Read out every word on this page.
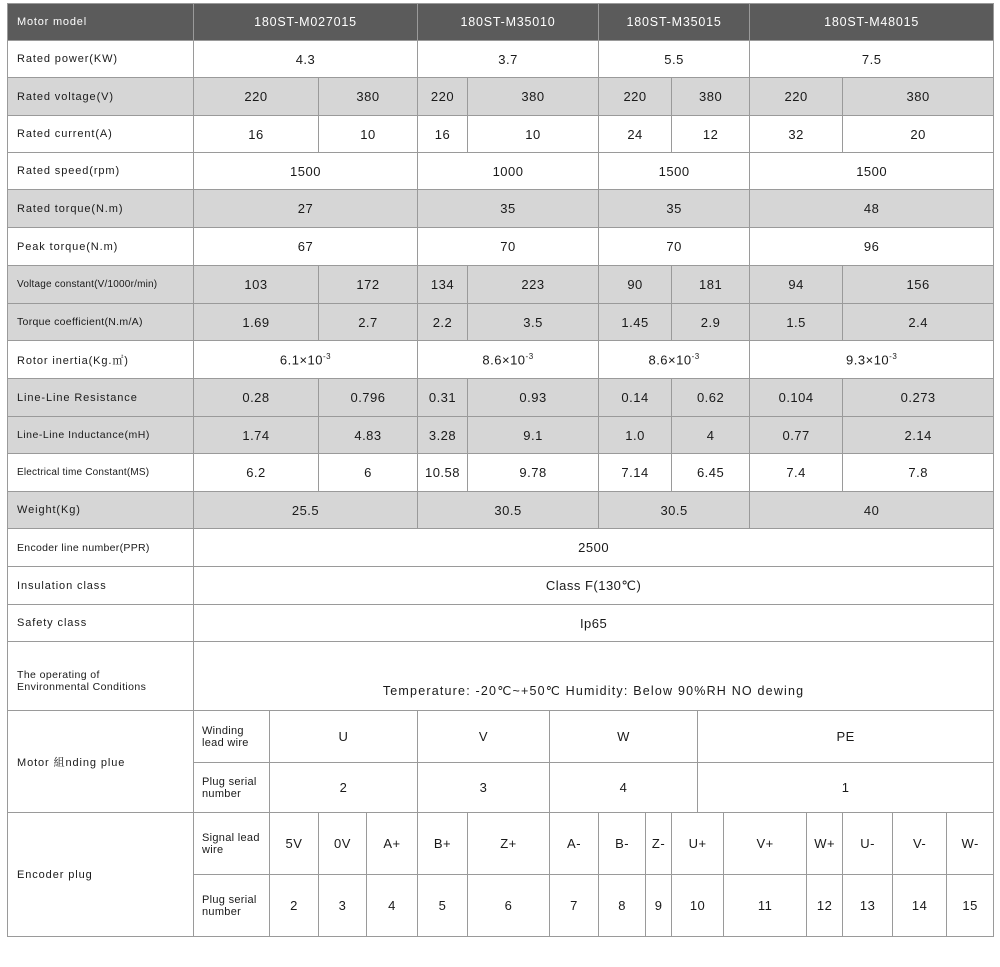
Motor model	180ST-M027015				180ST-M35010			180ST-M35015					180ST-M48015					
Rated power(KW)	4.3				3.7			5.5					7.5					
Rated voltage(V)	220		380		220	380		220		380			220		380			
Rated current(A)	16		10		16	10		24		12			32		20			
Rated speed(rpm)	1500				1000			1500					1500					
Rated torque(N.m)	27				35			35					48					
Peak torque(N.m)	67				70			70					96					
Voltage constant(V/1000r/min)	103		172		134	223		90		181			94		156			
Torque coefficient(N.m/A)	1.69		2.7		2.2	3.5		1.45		2.9			1.5		2.4			
Rotor inertia(Kg.㎡)	$6.1\times 10^{-3}$				$8.6\times 10^{-3}$			$8.6\times 10^{-3}$					$9.3\times 10^{-3}$
Line-Line Resistance	0.28		0.796		0.31	0.93		0.14		0.62			0.104		0.273			
Line-Line Inductance(mH)	1.74		4.83		3.28	9.1		1.0		4			0.77		2.14			
Electrical time Constant(MS)	6.2		6		10.58	9.78		7.14		6.45			7.4		7.8			
Weight(Kg)	25.5				30.5			30.5					40					
Encoder line number(PPR)	2500																	
Insulation class	Class F(130℃)																	
Safety class	Ip65																	
The operating of
Environmental Conditions	Temperature: -20℃~+50℃ Humidity: Below 90%RH NO dewing																	
Motor 組nding plue	Winding
lead wire	U			V		W				PE							
	Plug serial
number	2			3		4				1							
Encoder plug	Signal lead
wire	5V	0V	A+	B+	Z+	A-	B-	Z-	U+		V+		W+	U-	V-	W-	
	Plug serial
number	2	3	4	5	6	7	8	9	10		11		12	13	14	15	
